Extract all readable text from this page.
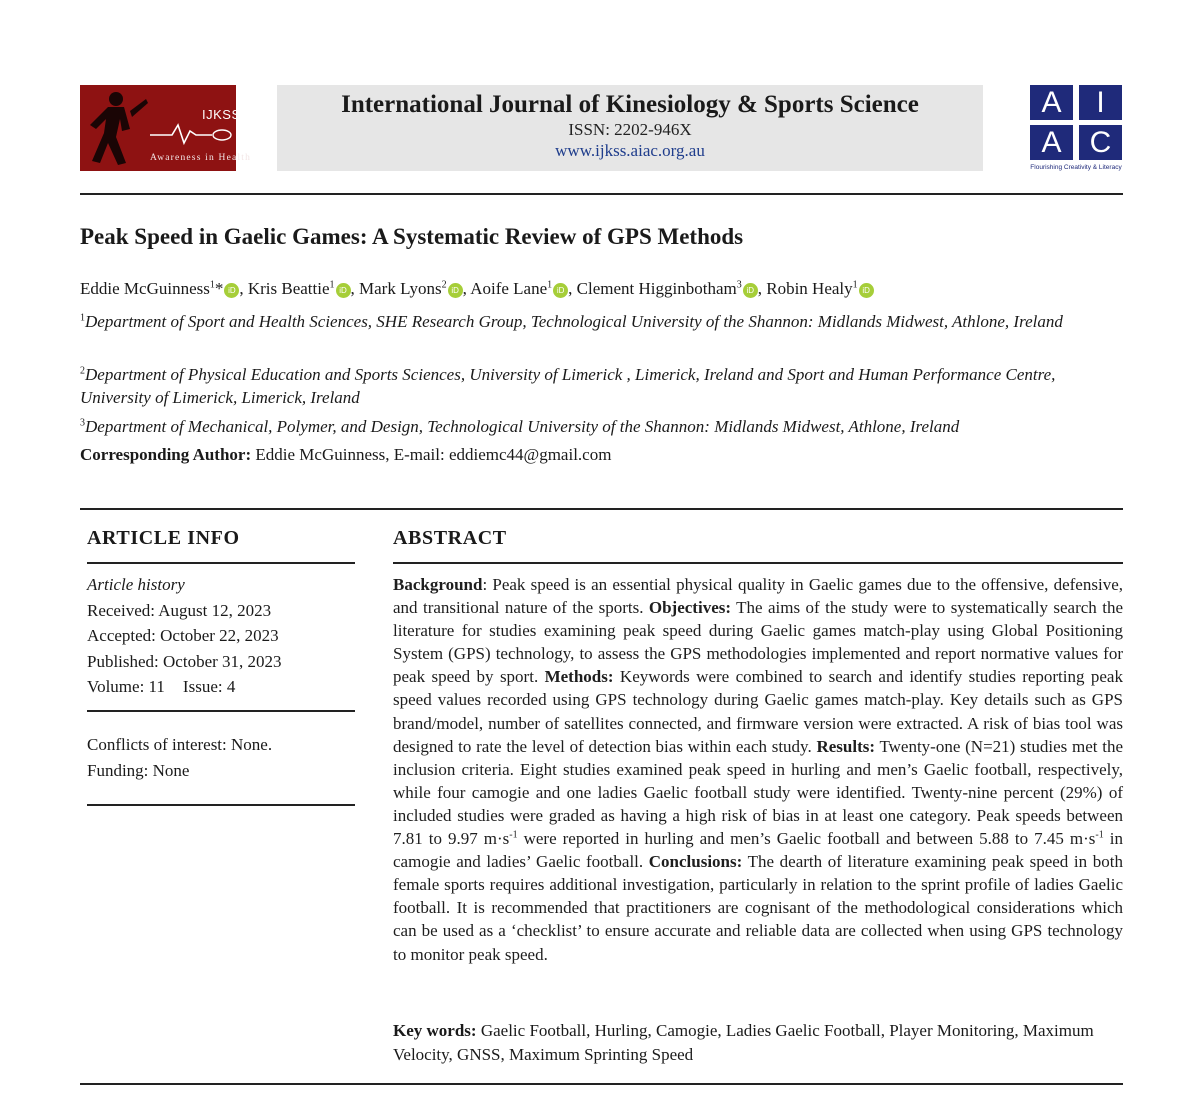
IJKSS
Awareness in Health
International Journal of Kinesiology & Sports Science
ISSN: 2202-946X
www.ijkss.aiac.org.au
A	I
A C
Flourishing Creativity & Literacy
Peak Speed in Gaelic Games: A Systematic Review of GPS Methods
Eddie McGuinness$^1$* iD , Kris Beattie$^1$iD , Mark Lyons$^2$iD , Aoife Lane$^1$iD , Clement Higginbotham$^3$iD , Robin Healy$^1$iD
$^1$Department of Sport and Health Sciences, SHE Research Group, Technological University of the Shannon: Midlands Midwest, Athlone, Ireland
$^2$Department of Physical Education and Sports Sciences, University of Limerick , Limerick, Ireland and Sport and Human Performance Centre, University of Limerick, Limerick, Ireland
$^3$Department of Mechanical, Polymer, and Design, Technological University of the Shannon: Midlands Midwest, Athlone, Ireland
Corresponding Author: Eddie McGuinness, E-mail: eddiemc44@gmail.com
ARTICLE INFO
Article history
Received: August 12, 2023
Accepted: October 22, 2023
Published: October 31, 2023
Volume: 11 Issue: 4
Conflicts of interest: None.
Funding: None
ABSTRACT
Background: Peak speed is an essential physical quality in Gaelic games due to the offensive, defensive, and transitional nature of the sports. Objectives: The aims of the study were to systematically search the literature for studies examining peak speed during Gaelic games match-play using Global Positioning System (GPS) technology, to assess the GPS methodologies implemented and report normative values for peak speed by sport. Methods: Keywords were combined to search and identify studies reporting peak speed values recorded using GPS technology during Gaelic games match-play. Key details such as GPS brand/model, number of satellites connected, and firmware version were extracted. A risk of bias tool was designed to rate the level of detection bias within each study. Results: Twenty-one (N=21) studies met the inclusion criteria. Eight studies examined peak speed in hurling and men’s Gaelic football, respectively, while four camogie and one ladies Gaelic football study were identified. Twenty-nine percent (29%) of included studies were graded as having a high risk of bias in at least one category. Peak speeds between 7.81 to 9.97 $m\cdot s^{-1}$ were reported in hurling and men’s Gaelic football and between 5.88 to 7.45 $m\cdot s^{-1}$ in camogie and ladies’ Gaelic football. Conclusions: The dearth of literature examining peak speed in both female sports requires additional investigation, particularly in relation to the sprint profile of ladies Gaelic football. It is recommended that practitioners are cognisant of the methodological considerations which can be used as a ‘checklist’ to ensure accurate and reliable data are collected when using GPS technology to monitor peak speed.
Key words: Gaelic Football, Hurling, Camogie, Ladies Gaelic Football, Player Monitoring, Maximum Velocity, GNSS, Maximum Sprinting Speed
